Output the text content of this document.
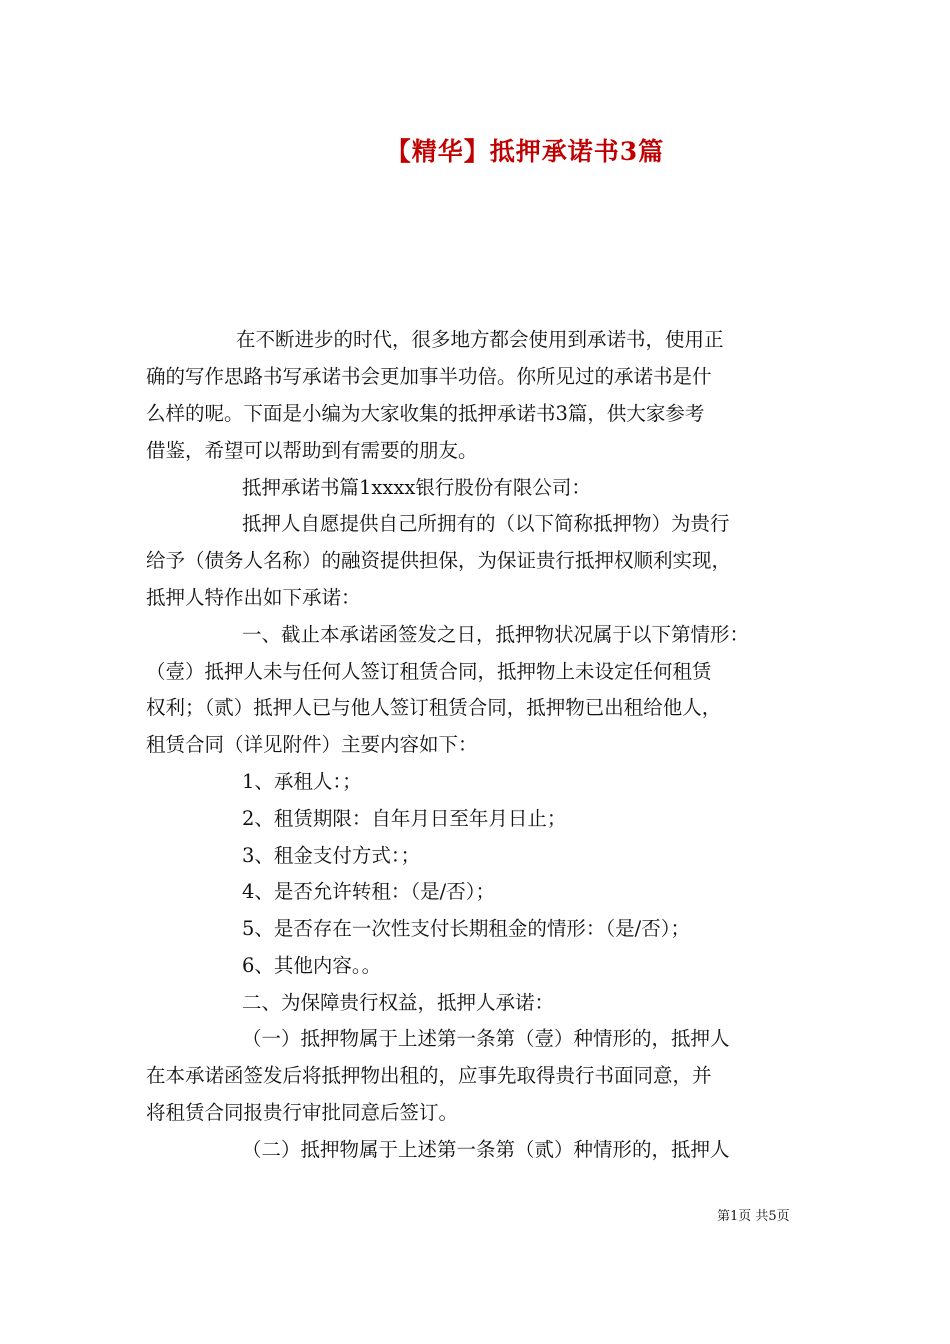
【精华】抵押承诺书3篇
在不断进步的时代，很多地方都会使用到承诺书，使用正
确的写作思路书写承诺书会更加事半功倍。你所见过的承诺书是什
么样的呢。下面是小编为大家收集的抵押承诺书3篇，供大家参考
借鉴，希望可以帮助到有需要的朋友。
抵押承诺书篇1xxxx银行股份有限公司：
抵押人自愿提供自己所拥有的（以下简称抵押物）为贵行
给予（债务人名称）的融资提供担保，为保证贵行抵押权顺利实现，
抵押人特作出如下承诺：
一、截止本承诺函签发之日，抵押物状况属于以下第情形：
（壹）抵押人未与任何人签订租赁合同，抵押物上未设定任何租赁
权利；（贰）抵押人已与他人签订租赁合同，抵押物已出租给他人，
租赁合同（详见附件）主要内容如下：
1、承租人：；
2、租赁期限：自年月日至年月日止；
3、租金支付方式：；
4、是否允许转租：（是/否）；
5、是否存在一次性支付长期租金的情形：（是/否）；
6、其他内容。。
二、为保障贵行权益，抵押人承诺：
（一）抵押物属于上述第一条第（壹）种情形的，抵押人
在本承诺函签发后将抵押物出租的，应事先取得贵行书面同意，并
将租赁合同报贵行审批同意后签订。
（二）抵押物属于上述第一条第（贰）种情形的，抵押人
第1页 共5页
